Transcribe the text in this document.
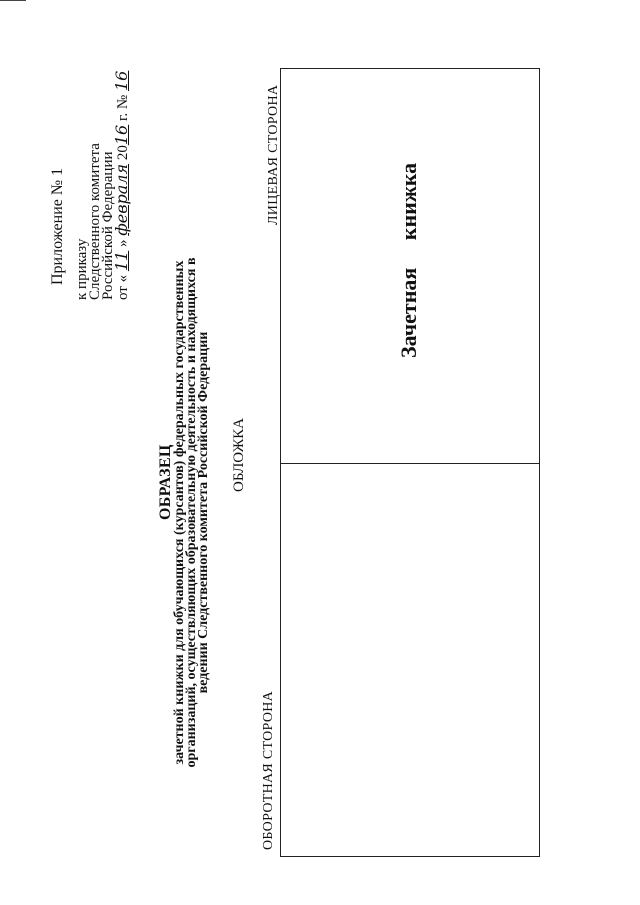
Приложение № 1 к приказу
Следственного комитета
Российской Федерации от « 11 » февраля 2016 г. № 16
ОБРАЗЕЦ
зачетной книжки для обучающихся (курсантов) федеральных государственных организаций, осуществляющих образовательную деятельность и находящихся в ведении Следственного комитета Российской Федерации ОБЛОЖКА
ЛИЦЕВАЯ СТОРОНА
ОБОРОТНАЯ СТОРОНА
Зачетная книжка
